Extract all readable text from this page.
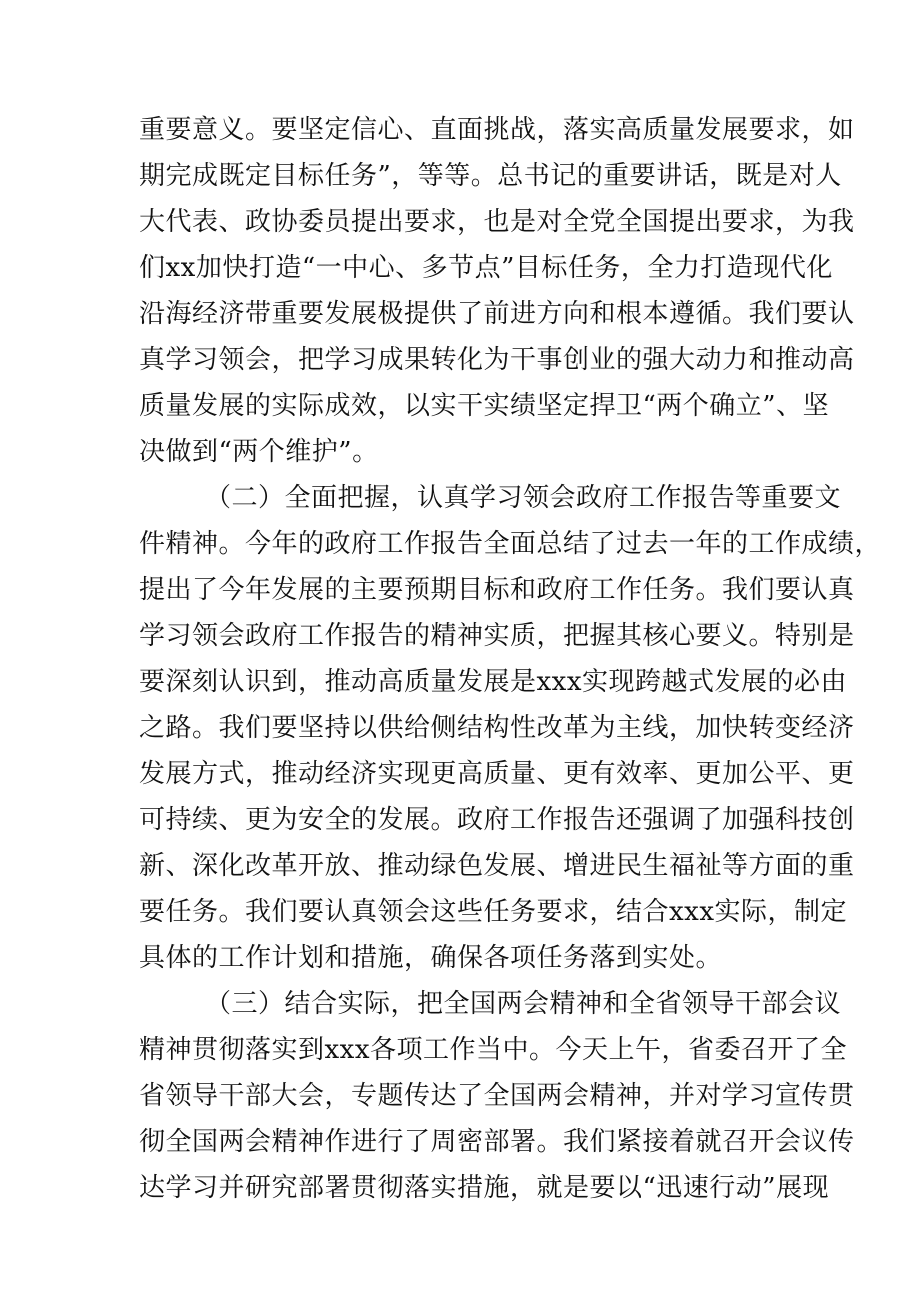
重要意义。要坚定信心、直面挑战，落实高质量发展要求，如
期完成既定目标任务”，等等。总书记的重要讲话，既是对人
大代表、政协委员提出要求，也是对全党全国提出要求，为我
们xx加快打造“一中心、多节点”目标任务，全力打造现代化
沿海经济带重要发展极提供了前进方向和根本遵循。我们要认
真学习领会，把学习成果转化为干事创业的强大动力和推动高
质量发展的实际成效，以实干实绩坚定捍卫“两个确立”、坚
决做到“两个维护”。
（二）全面把握，认真学习领会政府工作报告等重要文
件精神。今年的政府工作报告全面总结了过去一年的工作成绩，
提出了今年发展的主要预期目标和政府工作任务。我们要认真
学习领会政府工作报告的精神实质，把握其核心要义。特别是
要深刻认识到，推动高质量发展是xxx实现跨越式发展的必由
之路。我们要坚持以供给侧结构性改革为主线，加快转变经济
发展方式，推动经济实现更高质量、更有效率、更加公平、更
可持续、更为安全的发展。政府工作报告还强调了加强科技创
新、深化改革开放、推动绿色发展、增进民生福祉等方面的重
要任务。我们要认真领会这些任务要求，结合xxx实际，制定
具体的工作计划和措施，确保各项任务落到实处。
（三）结合实际，把全国两会精神和全省领导干部会议
精神贯彻落实到xxx各项工作当中。今天上午，省委召开了全
省领导干部大会，专题传达了全国两会精神，并对学习宣传贯
彻全国两会精神作进行了周密部署。我们紧接着就召开会议传
达学习并研究部署贯彻落实措施，就是要以“迅速行动”展现
